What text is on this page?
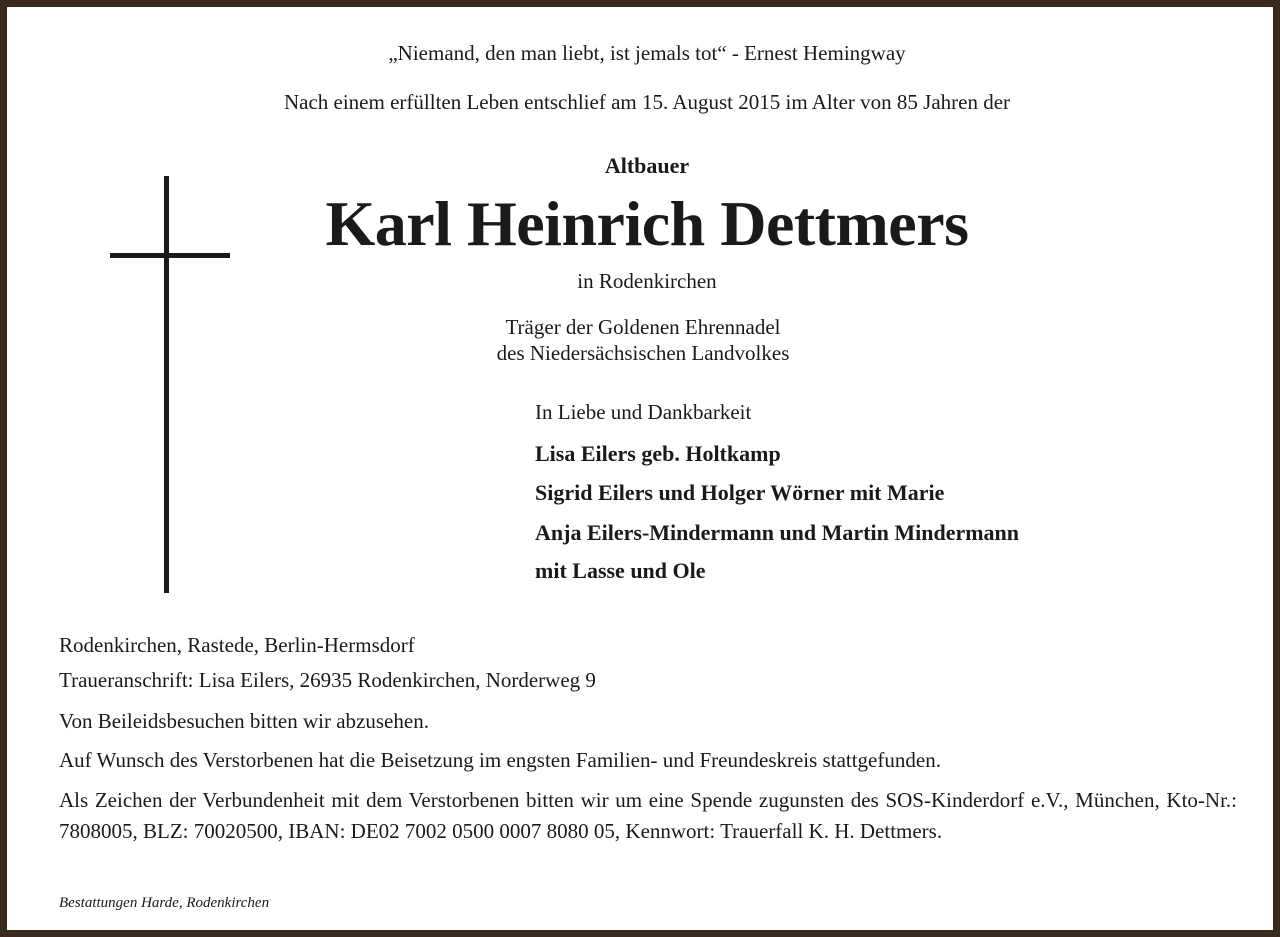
„Niemand, den man liebt, ist jemals tot“ - Ernest Hemingway
Nach einem erfüllten Leben entschlief am 15. August 2015 im Alter von 85 Jahren der
Altbauer
Karl Heinrich Dettmers
in Rodenkirchen
Träger der Goldenen Ehrennadel
des Niedersächsischen Landvolkes
In Liebe und Dankbarkeit
Lisa Eilers geb. Holtkamp
Sigrid Eilers und Holger Wörner mit Marie
Anja Eilers-Mindermann und Martin Mindermann
mit Lasse und Ole
Rodenkirchen, Rastede, Berlin-Hermsdorf
Traueranschrift: Lisa Eilers, 26935 Rodenkirchen, Norderweg 9
Von Beileidsbesuchen bitten wir abzusehen.
Auf Wunsch des Verstorbenen hat die Beisetzung im engsten Familien- und Freundeskreis stattgefunden.
Als Zeichen der Verbundenheit mit dem Verstorbenen bitten wir um eine Spende zugunsten des SOS-Kinderdorf e.V., München, Kto-Nr.: 7808005, BLZ: 70020500, IBAN: DE02 7002 0500 0007 8080 05, Kennwort: Trauerfall K. H. Dettmers.
Bestattungen Harde, Rodenkirchen
